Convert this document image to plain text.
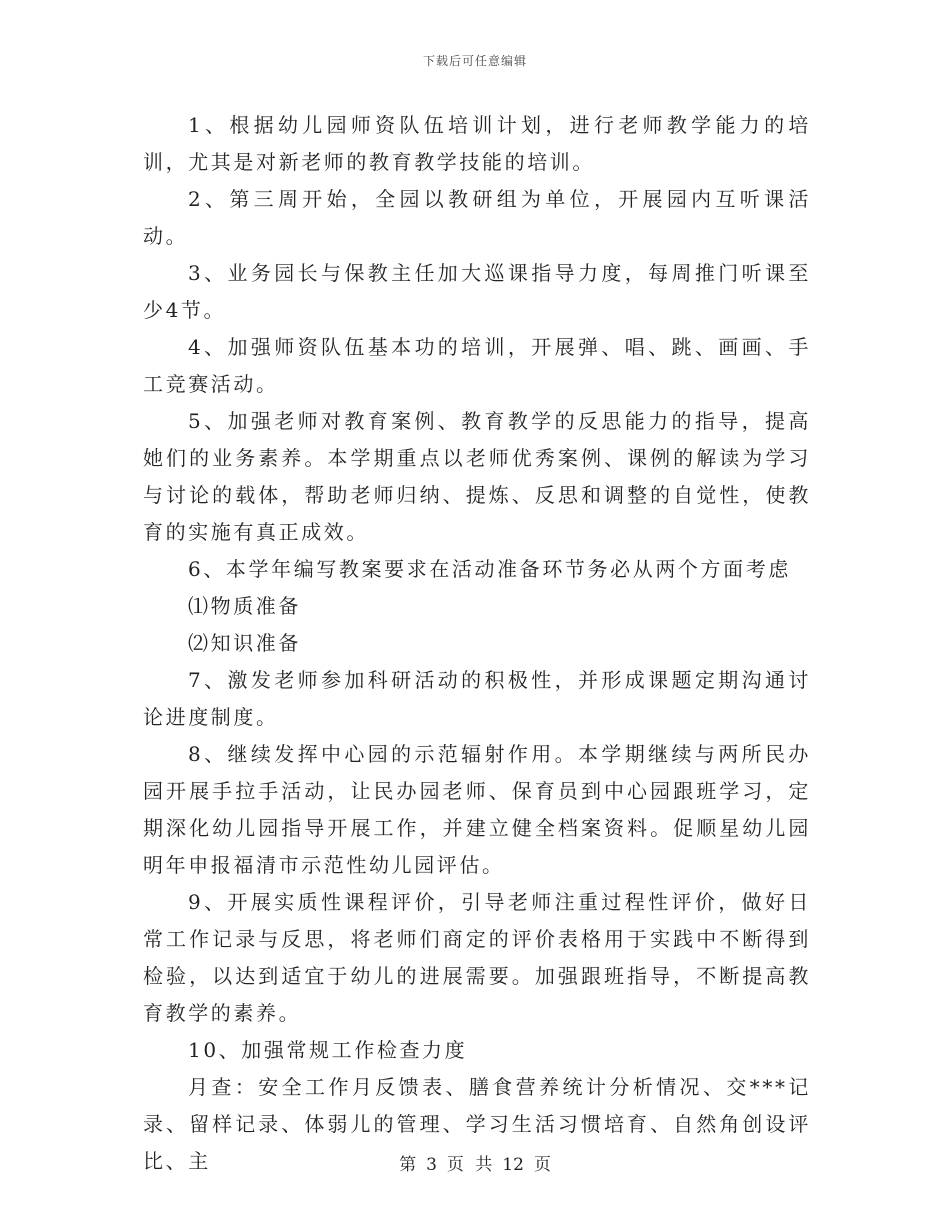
下载后可任意编辑

1、根据幼儿园师资队伍培训计划，进行老师教学能力的培训，尤其是对新老师的教育教学技能的培训。

2、第三周开始，全园以教研组为单位，开展园内互听课活动。

3、业务园长与保教主任加大巡课指导力度，每周推门听课至少4节。

4、加强师资队伍基本功的培训，开展弹、唱、跳、画画、手工竞赛活动。

5、加强老师对教育案例、教育教学的反思能力的指导，提高她们的业务素养。本学期重点以老师优秀案例、课例的解读为学习与讨论的载体，帮助老师归纳、提炼、反思和调整的自觉性，使教育的实施有真正成效。

6、本学年编写教案要求在活动准备环节务必从两个方面考虑

⑴物质准备

⑵知识准备

7、激发老师参加科研活动的积极性，并形成课题定期沟通讨论进度制度。

8、继续发挥中心园的示范辐射作用。本学期继续与两所民办园开展手拉手活动，让民办园老师、保育员到中心园跟班学习，定期深化幼儿园指导开展工作，并建立健全档案资料。促顺星幼儿园明年申报福清市示范性幼儿园评估。

9、开展实质性课程评价，引导老师注重过程性评价，做好日常工作记录与反思，将老师们商定的评价表格用于实践中不断得到检验，以达到适宜于幼儿的进展需要。加强跟班指导，不断提高教育教学的素养。

10、加强常规工作检查力度

月查：安全工作月反馈表、膳食营养统计分析情况、交***记录、留样记录、体弱儿的管理、学习生活习惯培育、自然角创设评比、主	第 3 页 共 12 页
